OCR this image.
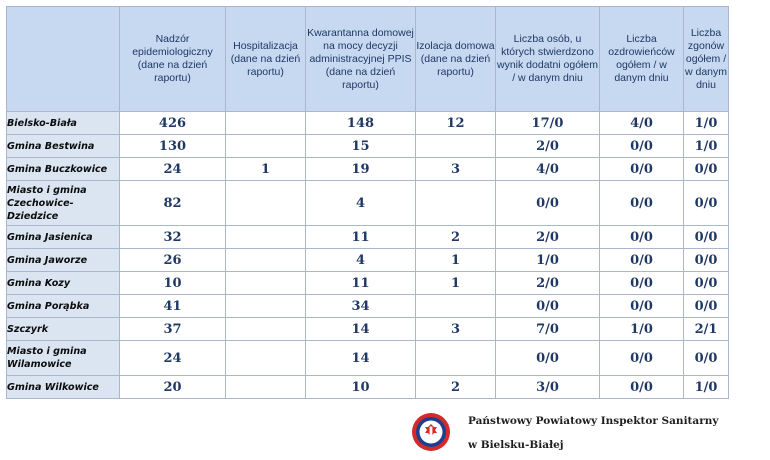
	Nadzór epidemiologiczny (dane na dzień raportu)	Hospitalizacja (dane na dzień raportu)	Kwarantanna domowej na mocy decyzji administracyjnej PPIS (dane na dzień raportu)	Izolacja domowa (dane na dzień raportu)	Liczba osób, u których stwierdzono wynik dodatni ogółem / w danym dniu	Liczba ozdrowieńców ogółem / w danym dniu	Liczba zgonów ogółem / w danym dniu
Bielsko-Biała	426		148	12	17/0	4/0	1/0
Gmina Bestwina	130		15		2/0	0/0	1/0
Gmina Buczkowice	24	1	19	3	4/0	0/0	0/0
Miasto i gmina Czechowice-Dziedzice	82		4		0/0	0/0	0/0
Gmina Jasienica	32		11	2	2/0	0/0	0/0
Gmina Jaworze	26		4	1	1/0	0/0	0/0
Gmina Kozy	10		11	1	2/0	0/0	0/0
Gmina Porąbka	41		34		0/0	0/0	0/0
Szczyrk	37		14	3	7/0	1/0	2/1
Miasto i gmina Wilamowice	24		14		0/0	0/0	0/0
Gmina Wilkowice	20		10	2	3/0	0/0	1/0
Państwowy Powiatowy Inspektor Sanitarny
w Bielsku-Białej
